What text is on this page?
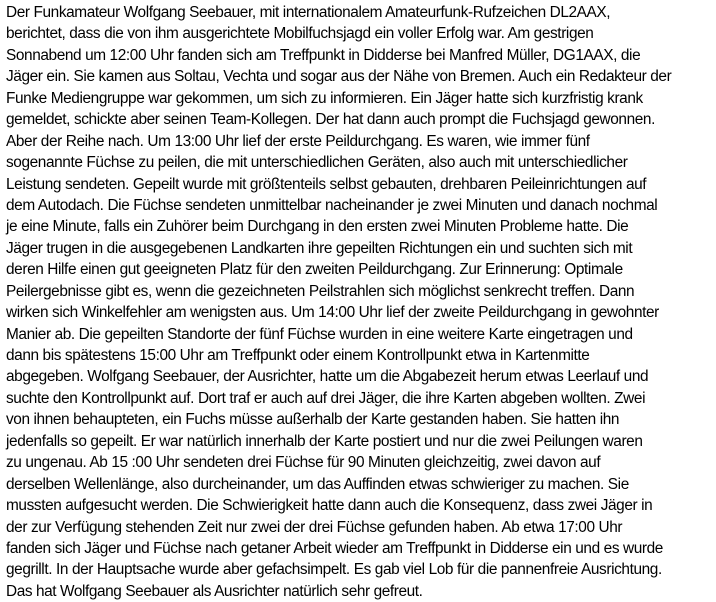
Der Funkamateur Wolfgang Seebauer, mit internationalem Amateurfunk-Rufzeichen DL2AAX,
berichtet, dass die von ihm ausgerichtete Mobilfuchsjagd ein voller Erfolg war. Am gestrigen
Sonnabend um 12:00 Uhr fanden sich am Treffpunkt in Didderse bei Manfred Müller, DG1AAX, die
Jäger ein. Sie kamen aus Soltau, Vechta und sogar aus der Nähe von Bremen. Auch ein Redakteur der
Funke Mediengruppe war gekommen, um sich zu informieren. Ein Jäger hatte sich kurzfristig krank
gemeldet, schickte aber seinen Team-Kollegen. Der hat dann auch prompt die Fuchsjagd gewonnen.
Aber der Reihe nach. Um 13:00 Uhr lief der erste Peildurchgang. Es waren, wie immer fünf
sogenannte Füchse zu peilen, die mit unterschiedlichen Geräten, also auch mit unterschiedlicher
Leistung sendeten. Gepeilt wurde mit größtenteils selbst gebauten, drehbaren Peileinrichtungen auf
dem Autodach. Die Füchse sendeten unmittelbar nacheinander je zwei Minuten und danach nochmal
je eine Minute, falls ein Zuhörer beim Durchgang in den ersten zwei Minuten Probleme hatte. Die
Jäger trugen in die ausgegebenen Landkarten ihre gepeilten Richtungen ein und suchten sich mit
deren Hilfe einen gut geeigneten Platz für den zweiten Peildurchgang. Zur Erinnerung: Optimale
Peilergebnisse gibt es, wenn die gezeichneten Peilstrahlen sich möglichst senkrecht treffen. Dann
wirken sich Winkelfehler am wenigsten aus. Um 14:00 Uhr lief der zweite Peildurchgang in gewohnter
Manier ab. Die gepeilten Standorte der fünf Füchse wurden in eine weitere Karte eingetragen und
dann bis spätestens 15:00 Uhr am Treffpunkt oder einem Kontrollpunkt etwa in Kartenmitte
abgegeben. Wolfgang Seebauer, der Ausrichter, hatte um die Abgabezeit herum etwas Leerlauf und
suchte den Kontrollpunkt auf. Dort traf er auch auf drei Jäger, die ihre Karten abgeben wollten. Zwei
von ihnen behaupteten, ein Fuchs müsse außerhalb der Karte gestanden haben. Sie hatten ihn
jedenfalls so gepeilt. Er war natürlich innerhalb der Karte postiert und nur die zwei Peilungen waren
zu ungenau. Ab 15 :00 Uhr sendeten drei Füchse für 90 Minuten gleichzeitig, zwei davon auf
derselben Wellenlänge, also durcheinander, um das Auffinden etwas schwieriger zu machen. Sie
mussten aufgesucht werden. Die Schwierigkeit hatte dann auch die Konsequenz, dass zwei Jäger in
der zur Verfügung stehenden Zeit nur zwei der drei Füchse gefunden haben. Ab etwa 17:00 Uhr
fanden sich Jäger und Füchse nach getaner Arbeit wieder am Treffpunkt in Didderse ein und es wurde
gegrillt. In der Hauptsache wurde aber gefachsimpelt. Es gab viel Lob für die pannenfreie Ausrichtung.
Das hat Wolfgang Seebauer als Ausrichter natürlich sehr gefreut.
